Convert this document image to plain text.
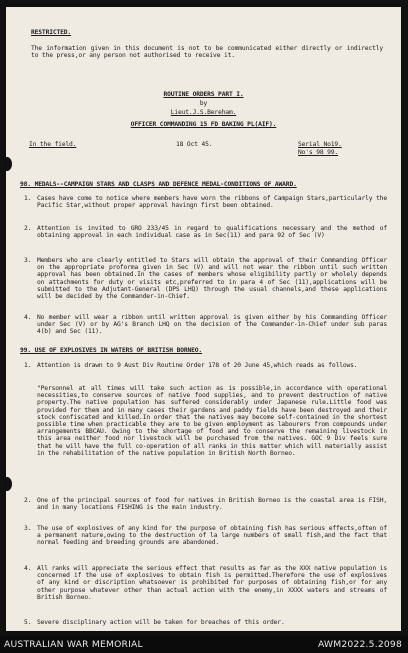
RESTRICTED.

The information given in this document is not to be communicated either directly or indirectly to the press,or any person not authorised to receive it.

ROUTINE ORDERS PART I.
by
Lieut.J.S.Bereham.
OFFICER COMMANDING 15 FD BAKING PL(AIF).
In the field.	18 Oct 45.	Serial No19.
No's 98 99.
98. MEDALS--CAMPAIGN STARS AND CLASPS AND DEFENCE MEDAL-CONDITIONS OF AWARD.
1. Cases have come to notice where members have worn the ribbons of Campaign Stars,particularly the Pacific Star,without proper approval havingn first been obtained.

2. Attention is invited to GRO 233/45 in regard to qualifications necessary and the method of obtaining approval in each individual case as in Sec(11) and para 92 of Sec (V)

3. Members who are clearly entitled to Stars will obtain the approval of their Commanding Officer on the appropriate proforma given in Sec (V) and will not wear the ribbon until such written approval has been obtained.In the cases of members whose eligibility partly or wholely depends on attachments for duty or visits etc,preferred to in para 4 of Sec (11),applications will be submitted to the Adjutant-General (DPS LHQ) through the usual channels,and these applications will be decided by the Commander-in-Chief.

4. No member will wear a ribbon until written approval is given either by his Commanding Officer under Sec (V) or by AG's Branch LHQ on the decision of the Commander-in-Chief under sub paras 4(b) and Sec (11).

99. USE OF EXPLOSIVES IN WATERS OF BRITISH BORNEO.
1. Attention is drawn to 9 Aust Div Routine Order 178 of 20 June 45,which reads as follows.

"Personnel at all times will take such action as is possible,in accordance with operational necessities,to conserve sources of native food supplies, and to prevent destruction of native property.The native population has suffered considerably under Japanese rule.Little food was provided for them and in many cases their gardens and paddy fields have been destroyed and their stock confiscated and killed.In order that the natives may become self-contained in the shortest possible time when practicable they are to be given employment as labourers from compounds under arrangements BBCAU. Owing to the shortage of food and to conserve the remaining livestock in this area neither food nor livestock will be purchased from the natives. GOC 9 Div feels sure that he will have the full co-operation of all ranks in this matter which will materially assist in the rehabilitation of the native population in British North Borneo.

2. One of the principal sources of food for natives in British Borneo is the coastal area is FISH, and in many locations FISHING is the main industry.

3. The use of explosives of any kind for the purpose of obtaining fish has serious effects,often of a permanent nature,owing to the destruction of la large numbers of small fish,and the fact that normal feeding and breeding grounds are abandoned.

4. All ranks will appreciate the serious effect that results as far as the XXX native population is concerned if the use of explosives to obtain fish is permitted.Therefore the use of explosives of any kind or discription whatsoever is prohibited for purposes of obtaining fish,or for any other purpose whatever other than actual action with the enemy,in XXXX waters and streams of British Borneo.

5. Severe disciplinary action will be taken for breaches of this order.

AUSTRALIAN WAR MEMORIAL	AWM2022.5.2098
